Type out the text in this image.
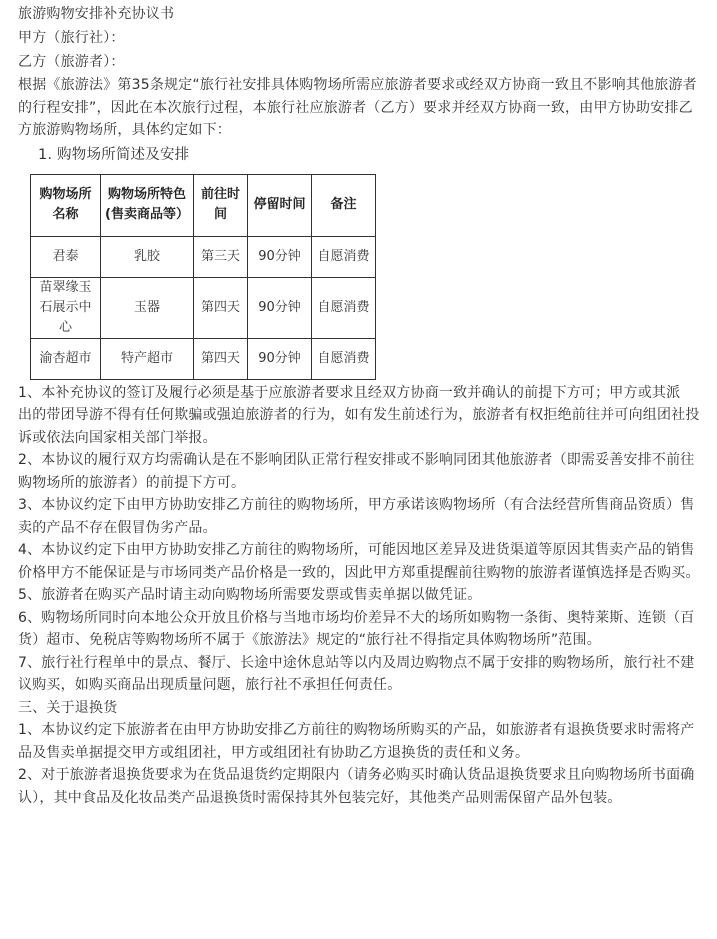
旅游购物安排补充协议书
甲方（旅行社）：
乙方（旅游者）：
根据《旅游法》第35条规定“旅行社安排具体购物场所需应旅游者要求或经双方协商一致且不影响其他旅游者的行程安排”，因此在本次旅行过程，本旅行社应旅游者（乙方）要求并经双方协商一致，由甲方协助安排乙方旅游购物场所，具体约定如下：
1. 购物场所简述及安排
购物场所名称	购物场所特色(售卖商品等）	前往时间	停留时间	备注
君泰	乳胶	第三天	90分钟	自愿消费
苗翠缘玉石展示中心	玉器	第四天	90分钟	自愿消费
渝杏超市	特产超市	第四天	90分钟	自愿消费
1、本补充协议的签订及履行必须是基于应旅游者要求且经双方协商一致并确认的前提下方可；甲方或其派
出的带团导游不得有任何欺骗或强迫旅游者的行为，如有发生前述行为，旅游者有权拒绝前往并可向组团社投诉或依法向国家相关部门举报。
2、本协议的履行双方均需确认是在不影响团队正常行程安排或不影响同团其他旅游者（即需妥善安排不前往购物场所的旅游者）的前提下方可。
3、本协议约定下由甲方协助安排乙方前往的购物场所，甲方承诺该购物场所（有合法经营所售商品资质）售卖的产品不存在假冒伪劣产品。
4、本协议约定下由甲方协助安排乙方前往的购物场所，可能因地区差异及进货渠道等原因其售卖产品的销售价格甲方不能保证是与市场同类产品价格是一致的，因此甲方郑重提醒前往购物的旅游者谨慎选择是否购买。
5、旅游者在购买产品时请主动向购物场所需要发票或售卖单据以做凭证。
6、购物场所同时向本地公众开放且价格与当地市场均价差异不大的场所如购物一条街、奥特莱斯、连锁（百货）超市、免税店等购物场所不属于《旅游法》规定的“旅行社不得指定具体购物场所”范围。
7、旅行社行程单中的景点、餐厅、长途中途休息站等以内及周边购物点不属于安排的购物场所，旅行社不建议购买，如购买商品出现质量问题，旅行社不承担任何责任。
三、关于退换货
1、本协议约定下旅游者在由甲方协助安排乙方前往的购物场所购买的产品，如旅游者有退换货要求时需将产品及售卖单据提交甲方或组团社，甲方或组团社有协助乙方退换货的责任和义务。
2、对于旅游者退换货要求为在货品退货约定期限内（请务必购买时确认货品退换货要求且向购物场所书面确认），其中食品及化妆品类产品退换货时需保持其外包装完好，其他类产品则需保留产品外包装。
